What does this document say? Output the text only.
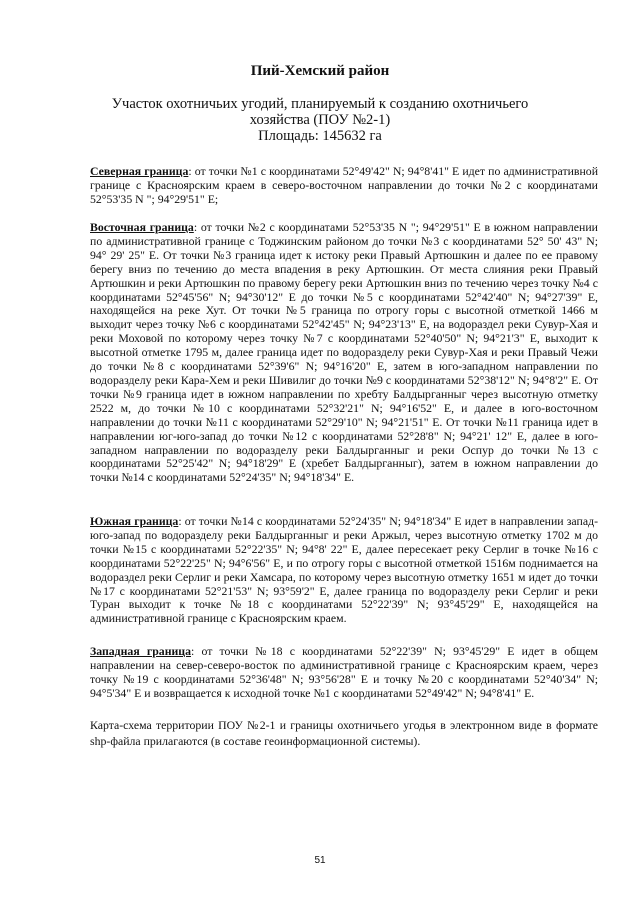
Пий-Хемский район
Участок охотничьих угодий, планируемый к созданию охотничьего
хозяйства (ПОУ №2-1)
Площадь: 145632 га
Северная граница: от точки №1 с координатами 52°49'42" N; 94°8'41" E идет по административной границе с Красноярским краем в северо-восточном направлении до точки №2 с координатами 52°53'35 N "; 94°29'51" E;
Восточная граница: от точки №2 с координатами 52°53'35 N "; 94°29'51" E в южном направлении по административной границе с Тоджинским районом до точки №3 с координатами 52° 50' 43" N; 94° 29' 25" E. От точки №3 граница идет к истоку реки Правый Артюшкин и далее по ее правому берегу вниз по течению до места впадения в реку Артюшкин. От места слияния реки Правый Артюшкин и реки Артюшкин по правому берегу реки Артюшкин вниз по течению через точку №4 с координатами 52°45'56" N; 94°30'12" E до точки №5 с координатами 52°42'40" N; 94°27'39" E, находящейся на реке Хут. От точки №5 граница по отрогу горы с высотной отметкой 1466 м выходит через точку №6 с координатами 52°42'45" N; 94°23'13" E, на водораздел реки Сувур-Хая и реки Моховой по которому через точку №7 с координатами 52°40'50" N; 94°21'3" E, выходит к высотной отметке 1795 м, далее граница идет по водоразделу реки Сувур-Хая и реки Правый Чежи до точки №8 с координатами 52°39'6" N; 94°16'20" E, затем в юго-западном направлении по водоразделу реки Кара-Хем и реки Шивилиг до точки №9 с координатами 52°38'12" N; 94°8'2" E. От точки №9 граница идет в южном направлении по хребту Балдырганныг через высотную отметку 2522 м, до точки №10 с координатами 52°32'21" N; 94°16'52" E, и далее в юго-восточном направлении до точки №11 с координатами 52°29'10" N; 94°21'51" E. От точки №11 граница идет в направлении юг-юго-запад до точки №12 с координатами 52°28'8" N; 94°21' 12" E, далее в юго-западном направлении по водоразделу реки Балдырганныг и реки Оспур до точки №13 с координатами 52°25'42" N; 94°18'29" E (хребет Балдырганныг), затем в южном направлении до точки №14 с координатами 52°24'35" N; 94°18'34" E.
Южная граница: от точки №14 с координатами 52°24'35" N; 94°18'34" E идет в направлении запад-юго-запад по водоразделу реки Балдырганныг и реки Аржыл, через высотную отметку 1702 м до точки №15 с координатами 52°22'35" N; 94°8' 22" E, далее пересекает реку Серлиг в точке №16 с координатами 52°22'25" N; 94°6'56" E, и по отрогу горы с высотной отметкой 1516м поднимается на водораздел реки Серлиг и реки Хамсара, по которому через высотную отметку 1651 м идет до точки №17 с координатами 52°21'53" N; 93°59'2" E, далее граница по водоразделу реки Серлиг и реки Туран выходит к точке №18 с координатами 52°22'39" N; 93°45'29" E, находящейся на административной границе с Красноярским краем.
Западная граница: от точки №18 с координатами 52°22'39" N; 93°45'29" E идет в общем направлении на север-северо-восток по административной границе с Красноярским краем, через точку №19 с координатами 52°36'48" N; 93°56'28" E и точку №20 с координатами 52°40'34" N; 94°5'34" E и возвращается к исходной точке №1 с координатами 52°49'42" N; 94°8'41" E.
Карта-схема территории ПОУ №2-1 и границы охотничьего угодья в электронном виде в формате shp-файла прилагаются (в составе геоинформационной системы).
51
